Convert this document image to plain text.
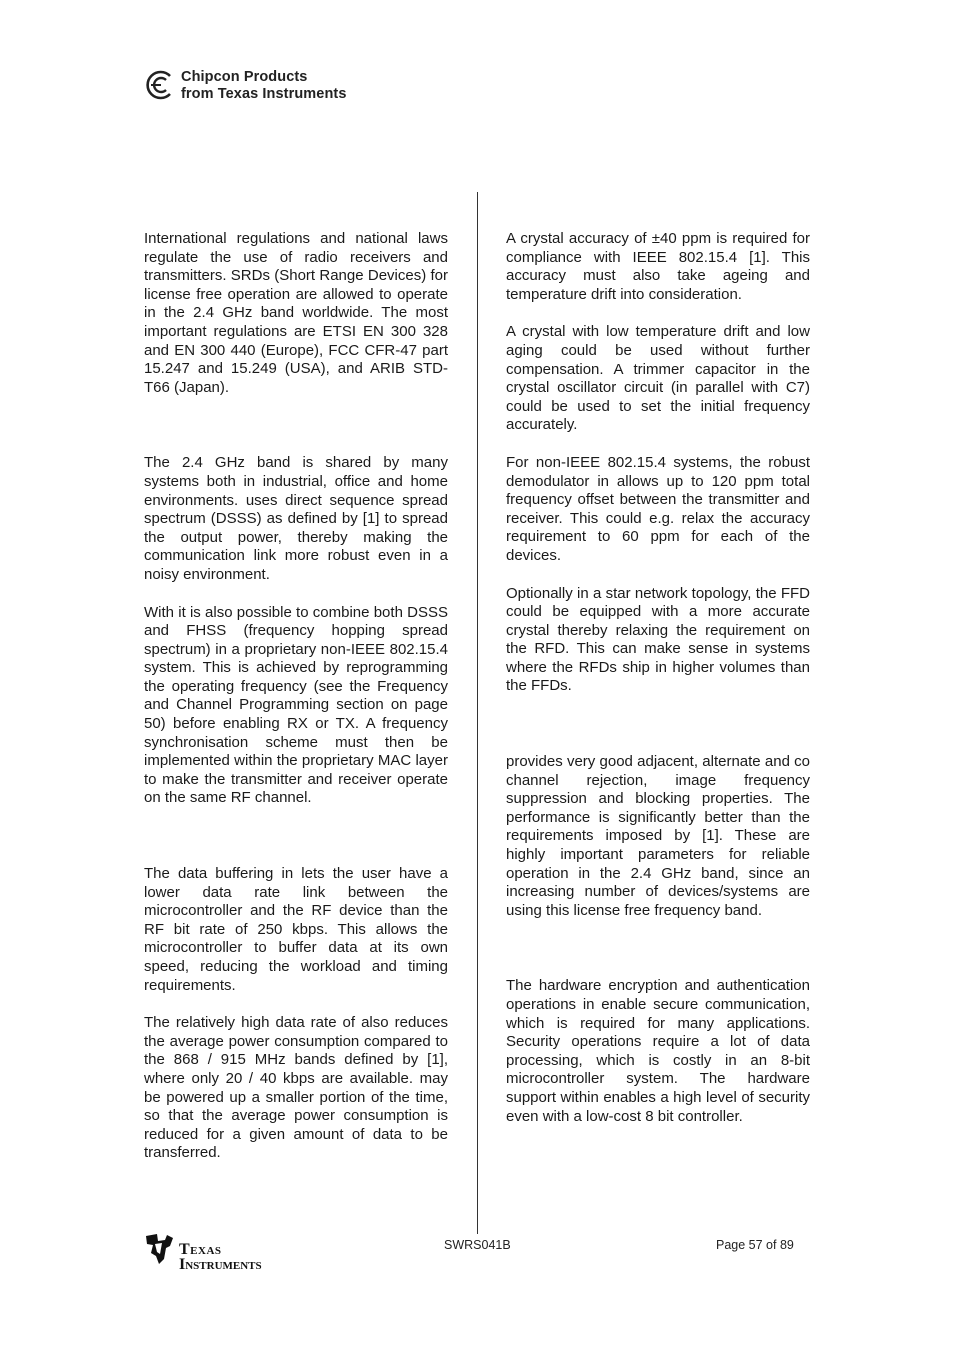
Chipcon Products
from Texas Instruments

International regulations and national laws regulate the use of radio receivers and transmitters. SRDs (Short Range Devices) for license free operation are allowed to operate in the 2.4 GHz band worldwide. The most important regulations are ETSI EN 300 328 and EN 300 440 (Europe), FCC CFR-47 part 15.247 and 15.249 (USA), and ARIB STD-T66 (Japan).

The 2.4 GHz band is shared by many systems both in industrial, office and home environments. uses direct sequence spread spectrum (DSSS) as defined by [1] to spread the output power, thereby making the communication link more robust even in a noisy environment.

With it is also possible to combine both DSSS and FHSS (frequency hopping spread spectrum) in a proprietary non-IEEE 802.15.4 system. This is achieved by reprogramming the operating frequency (see the Frequency and Channel Programming section on page 50) before enabling RX or TX. A frequency synchronisation scheme must then be implemented within the proprietary MAC layer to make the transmitter and receiver operate on the same RF channel.

The data buffering in lets the user have a lower data rate link between the microcontroller and the RF device than the RF bit rate of 250 kbps. This allows the microcontroller to buffer data at its own speed, reducing the workload and timing requirements.

The relatively high data rate of also reduces the average power consumption compared to the 868 / 915 MHz bands defined by [1], where only 20 / 40 kbps are available. may be powered up a smaller portion of the time, so that the average power consumption is reduced for a given amount of data to be transferred.

A crystal accuracy of ±40 ppm is required for compliance with IEEE 802.15.4 [1]. This accuracy must also take ageing and temperature drift into consideration.

A crystal with low temperature drift and low aging could be used without further compensation. A trimmer capacitor in the crystal oscillator circuit (in parallel with C7) could be used to set the initial frequency accurately.

For non-IEEE 802.15.4 systems, the robust demodulator in allows up to 120 ppm total frequency offset between the transmitter and receiver. This could e.g. relax the accuracy requirement to 60 ppm for each of the devices.

Optionally in a star network topology, the FFD could be equipped with a more accurate crystal thereby relaxing the requirement on the RFD. This can make sense in systems where the RFDs ship in higher volumes than the FFDs.

provides very good adjacent, alternate and co channel rejection, image frequency suppression and blocking properties. The performance is significantly better than the requirements imposed by [1]. These are highly important parameters for reliable operation in the 2.4 GHz band, since an increasing number of devices/systems are using this license free frequency band.

The hardware encryption and authentication operations in enable secure communication, which is required for many applications. Security operations require a lot of data processing, which is costly in an 8-bit microcontroller system. The hardware support within enables a high level of security even with a low-cost 8 bit controller.

Texas
Instruments
SWRS041B	Page 57 of 89
